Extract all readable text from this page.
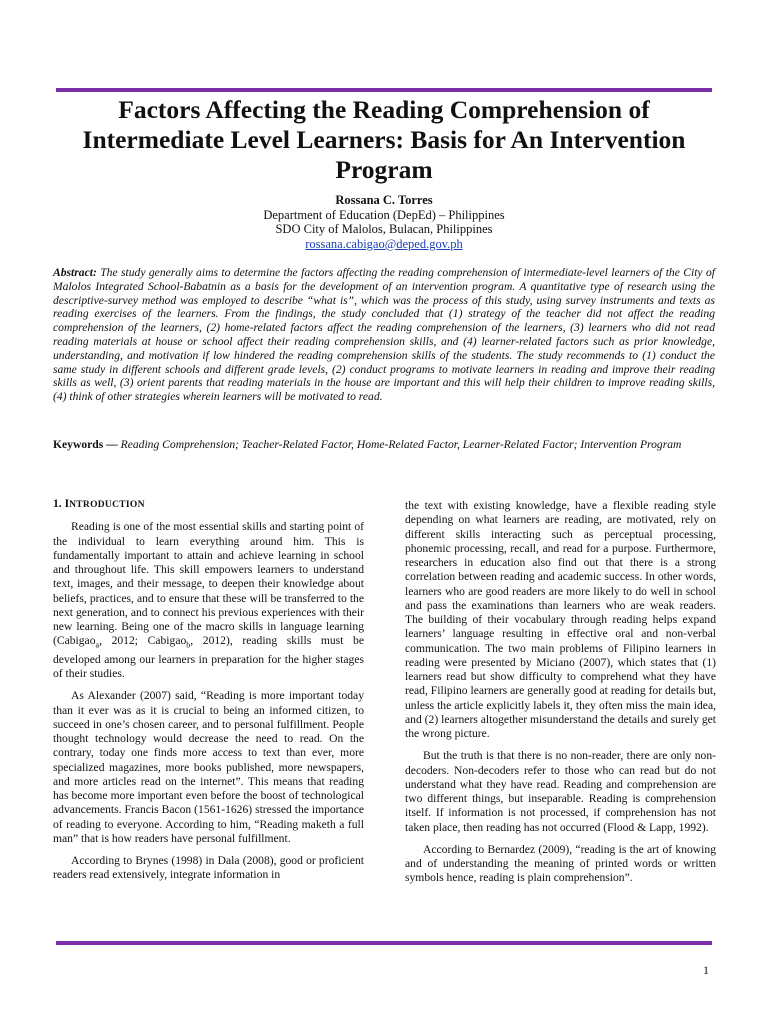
Factors Affecting the Reading Comprehension of Intermediate Level Learners: Basis for An Intervention Program
Rossana C. Torres
Department of Education (DepEd) – Philippines
SDO City of Malolos, Bulacan, Philippines
rossana.cabigao@deped.gov.ph
Abstract: The study generally aims to determine the factors affecting the reading comprehension of intermediate-level learners of the City of Malolos Integrated School-Babatnin as a basis for the development of an intervention program. A quantitative type of research using the descriptive-survey method was employed to describe “what is”, which was the process of this study, using survey instruments and texts as reading exercises of the learners. From the findings, the study concluded that (1) strategy of the teacher did not affect the reading comprehension of the learners, (2) home-related factors affect the reading comprehension of the learners, (3) learners who did not read reading materials at house or school affect their reading comprehension skills, and (4) learner-related factors such as prior knowledge, understanding, and motivation if low hindered the reading comprehension skills of the students. The study recommends to (1) conduct the same study in different schools and different grade levels, (2) conduct programs to motivate learners in reading and improve their reading skills as well, (3) orient parents that reading materials in the house are important and this will help their children to improve reading skills, (4) think of other strategies wherein learners will be motivated to read.
Keywords — Reading Comprehension; Teacher-Related Factor, Home-Related Factor, Learner-Related Factor; Intervention Program
1. INTRODUCTION

Reading is one of the most essential skills and starting point of the individual to learn everything around him. This is fundamentally important to attain and achieve learning in school and throughout life. This skill empowers learners to understand text, images, and their message, to deepen their knowledge about beliefs, practices, and to ensure that these will be transferred to the next generation, and to connect his previous experiences with their new learning. Being one of the macro skills in language learning (Cabigao$_a$, 2012; Cabigao$_b$, 2012), reading skills must be developed among our learners in preparation for the higher stages of their studies.

As Alexander (2007) said, “Reading is more important today than it ever was as it is crucial to being an informed citizen, to succeed in one’s chosen career, and to personal fulfillment. People thought technology would decrease the need to read. On the contrary, today one finds more access to text than ever, more specialized magazines, more books published, more newspapers, and more articles read on the internet”. This means that reading has become more important even before the boost of technological advancements. Francis Bacon (1561-1626) stressed the importance of reading to everyone. According to him, “Reading maketh a full man” that is how readers have personal fulfillment.

According to Brynes (1998) in Dala (2008), good or proficient readers read extensively, integrate information in

the text with existing knowledge, have a flexible reading style depending on what learners are reading, are motivated, rely on different skills interacting such as perceptual processing, phonemic processing, recall, and read for a purpose. Furthermore, researchers in education also find out that there is a strong correlation between reading and academic success. In other words, learners who are good readers are more likely to do well in school and pass the examinations than learners who are weak readers. The building of their vocabulary through reading helps expand learners’ language resulting in effective oral and non-verbal communication. The two main problems of Filipino learners in reading were presented by Miciano (2007), which states that (1) learners read but show difficulty to comprehend what they have read, Filipino learners are generally good at reading for details but, unless the article explicitly labels it, they often miss the main idea, and (2) learners altogether misunderstand the details and surely get the wrong picture.

But the truth is that there is no non-reader, there are only non-decoders. Non-decoders refer to those who can read but do not understand what they have read. Reading and comprehension are two different things, but inseparable. Reading is comprehension itself. If information is not processed, if comprehension has not taken place, then reading has not occurred (Flood & Lapp, 1992).

According to Bernardez (2009), “reading is the art of knowing and of understanding the meaning of printed words or written symbols hence, reading is plain comprehension”.

1
